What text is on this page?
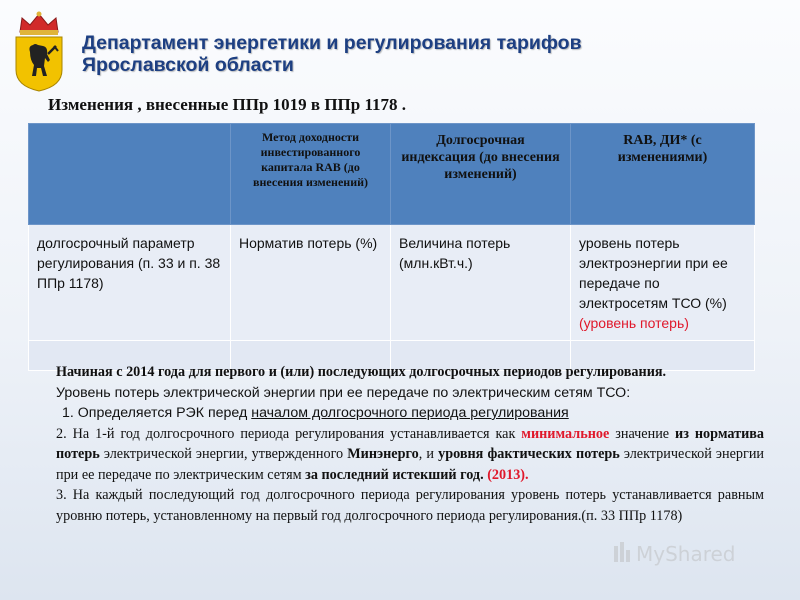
Департамент энергетики и регулирования тарифов
Ярославской области
Изменения , внесенные ППр 1019 в ППр 1178 .
	Метод доходности инвестированного капитала RAB (до внесения изменений)	Долгосрочная индексация (до внесения изменений)	RAB, ДИ* (с изменениями)
долгосрочный параметр регулирования (п. 33 и п. 38 ППр 1178)	Норматив потерь (%)	Величина потерь (млн.кВт.ч.)	уровень потерь электроэнергии при ее передаче по электросетям ТСО (%) (уровень потерь)

Начиная с 2014 года для первого и (или) последующих долгосрочных периодов регулирования.

Уровень потерь электрической энергии при ее передаче по электрическим сетям ТСО:

1. Определяется РЭК перед началом долгосрочного периода регулирования

2. На 1-й год долгосрочного периода регулирования устанавливается как минимальное значение из норматива потерь электрической энергии, утвержденного Минэнерго, и уровня фактических потерь электрической энергии при ее передаче по электрическим сетям за последний истекший год. (2013).

3. На каждый последующий год долгосрочного периода регулирования уровень потерь устанавливается равным уровню потерь, установленному на первый год долгосрочного периода регулирования.(п. 33 ППр 1178)

MyShared
